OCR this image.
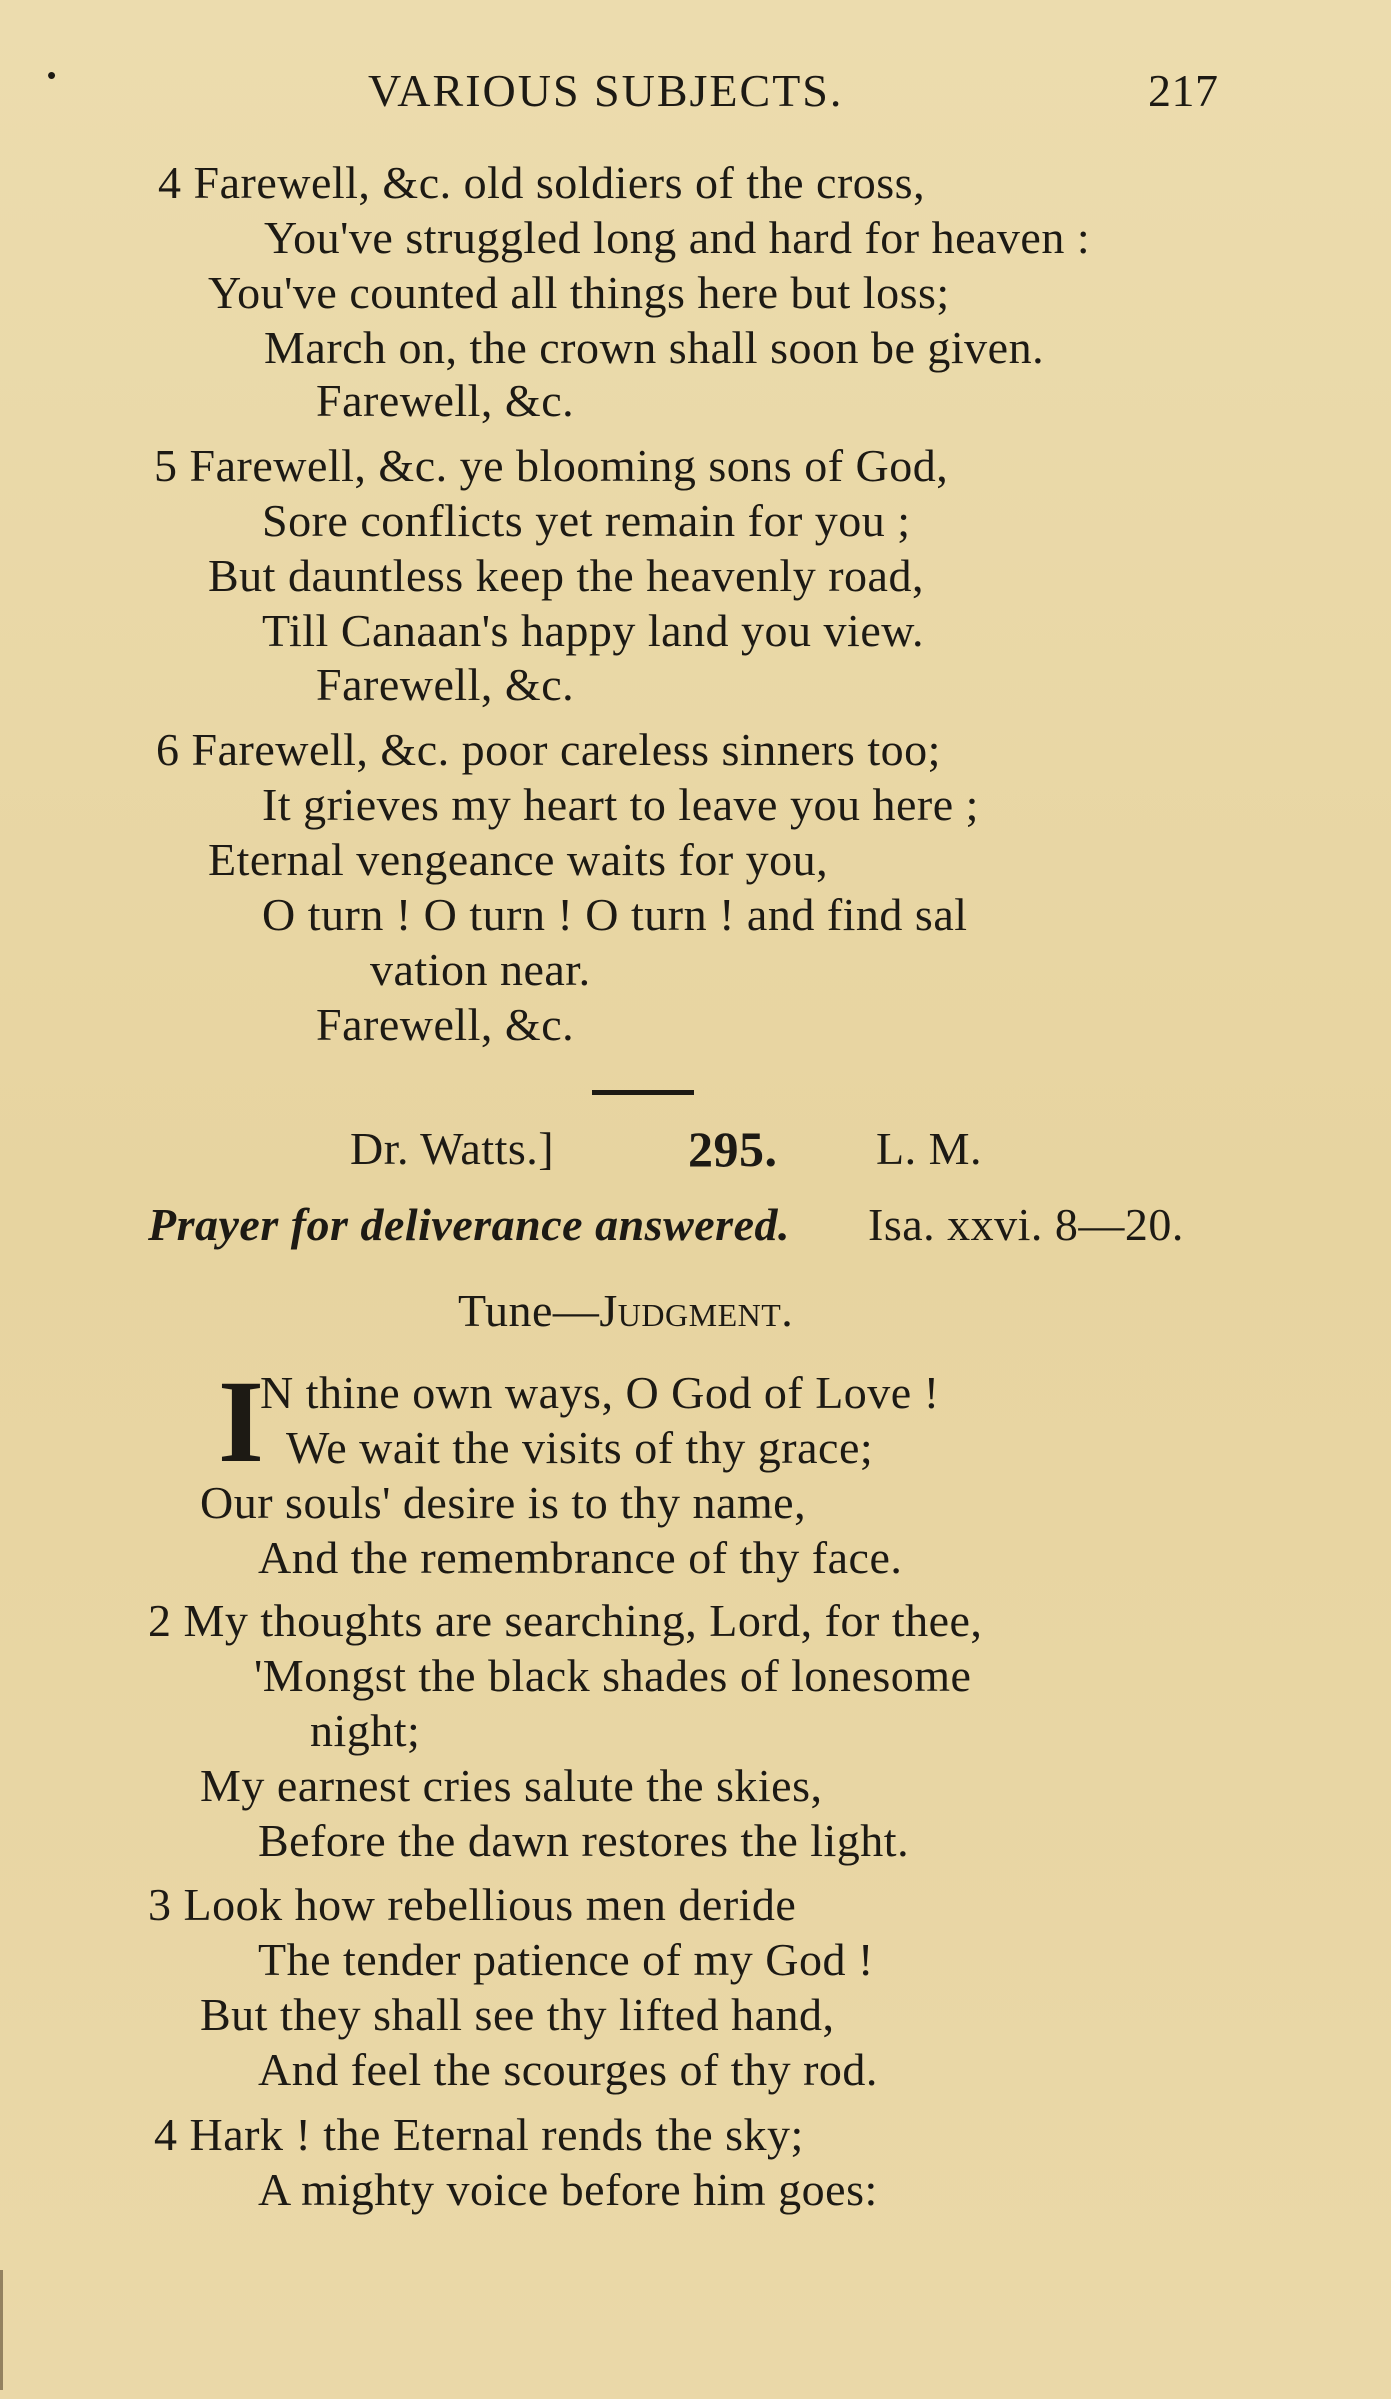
•	VARIOUS SUBJECTS.	217
4 Farewell, &c. old soldiers of the cross,
You've struggled long and hard for heaven :
You've counted all things here but loss;
March on, the crown shall soon be given.
Farewell, &c.
5 Farewell, &c. ye blooming sons of God,
Sore conflicts yet remain for you ;
But dauntless keep the heavenly road,
Till Canaan's happy land you view.
Farewell, &c.
6 Farewell, &c. poor careless sinners too;
It grieves my heart to leave you here ;
Eternal vengeance waits for you,
O turn ! O turn ! O turn ! and find sal
vation near.
Farewell, &c.
Dr. Watts.]	295. L. M.
Prayer for deliverance answered. Isa. xxvi. 8—20.
Tune—Judgment.
I
N thine own ways, O God of Love !
We wait the visits of thy grace;
Our souls' desire is to thy name,
And the remembrance of thy face.
2 My thoughts are searching, Lord, for thee,
'Mongst the black shades of lonesome
night;
My earnest cries salute the skies,
Before the dawn restores the light.
3 Look how rebellious men deride
The tender patience of my God !
But they shall see thy lifted hand,
And feel the scourges of thy rod.
4 Hark ! the Eternal rends the sky;
A mighty voice before him goes:
